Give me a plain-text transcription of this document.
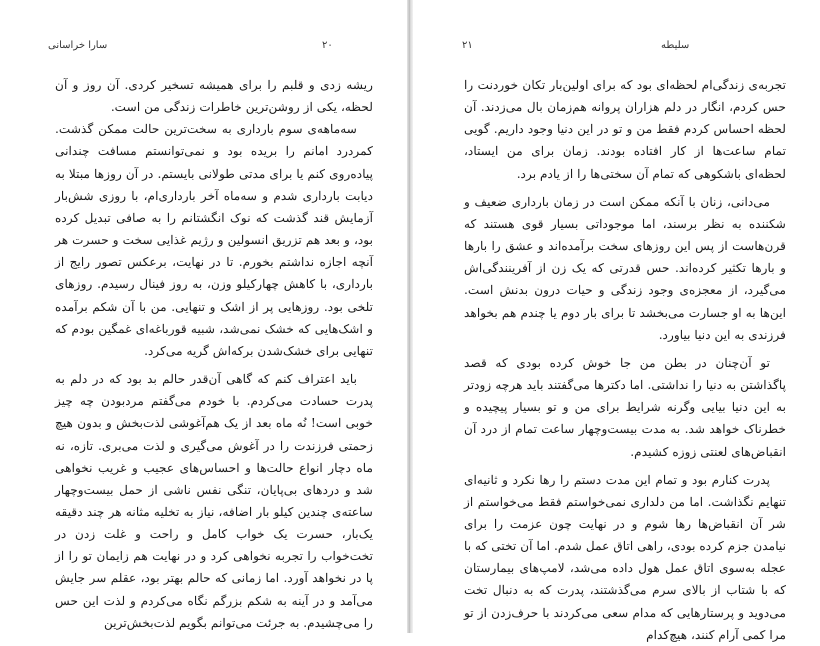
سارا خراسانی	۲۰

ریشه زدی و قلبم را برای همیشه تسخیر کردی. آن روز و آن لحظه، یکی از روشن‌ترین خاطرات زندگی من است.

سه‌ماهه‌ی سوم بارداری به سخت‌ترین حالت ممکن گذشت. کمردرد امانم را بریده بود و نمی‌توانستم مسافت چندانی پیاده‌روی کنم یا برای مدتی طولانی بایستم. در آن روزها مبتلا به دیابت بارداری شدم و سه‌ماه آخر بارداری‌ام، با روزی شش‌بار آزمایش قند گذشت که نوک انگشتانم را به صافی تبدیل کرده بود، و بعد هم تزریق انسولین و رژیم غذایی سخت و حسرت هر آنچه اجازه نداشتم بخورم. تا در نهایت، برعکس تصور رایج از بارداری، با کاهش چهارکیلو وزن، به روز فینال رسیدم. روزهای تلخی بود. روزهایی پر از اشک و تنهایی. من با آن شکم برآمده و اشک‌هایی که خشک نمی‌شد، شبیه قورباغه‌ای غمگین بودم که تنهایی برای خشک‌شدن برکه‌اش گریه می‌کرد.

باید اعتراف کنم که گاهی آن‌قدر حالم بد بود که در دلم به پدرت حسادت می‌کردم. با خودم می‌گفتم مردبودن چه چیز خوبی است! نُه ماه بعد از یک هم‌آغوشی لذت‌بخش و بدون هیچ زحمتی فرزندت را در آغوش می‌گیری و لذت می‌بری. تازه، نه ماه دچار انواع حالت‌ها و احساس‌های عجیب و غریب نخواهی شد و دردهای بی‌پایان، تنگی نفس ناشی از حمل بیست‌وچهار ساعته‌ی چندین کیلو بار اضافه، نیاز به تخلیه مثانه هر چند دقیقه یک‌بار، حسرت یک خواب کامل و راحت و غلت زدن در تخت‌خواب را تجربه نخواهی کرد و در نهایت هم زایمان تو را از پا در نخواهد آورد. اما زمانی که حالم بهتر بود، عقلم سر جایش می‌آمد و در آینه به شکم بزرگم نگاه می‌کردم و لذت این حس را می‌چشیدم. به جرئت می‌توانم بگویم لذت‌بخش‌ترین

۲۱	سلیطه

تجربه‌ی زندگی‌ام لحظه‌ای بود که برای اولین‌بار تکان خوردنت را حس کردم، انگار در دلم هزاران پروانه هم‌زمان بال می‌زدند. آن لحظه احساس کردم فقط من و تو در این دنیا وجود داریم. گویی تمام ساعت‌ها از کار افتاده بودند. زمان برای من ایستاد، لحظه‌ای باشکوهی که تمام آن سختی‌ها را از یادم برد.

می‌دانی، زنان با آنکه ممکن است در زمان بارداری ضعیف و شکننده به نظر برسند، اما موجوداتی بسیار قوی هستند که قرن‌هاست از پس این روزهای سخت برآمده‌اند و عشق را بارها و بارها تکثیر کرده‌اند. حس قدرتی که یک زن از آفرینندگی‌اش می‌گیرد، از معجزه‌ی وجود زندگی و حیات درون بدنش است. این‌ها به او جسارت می‌بخشد تا برای بار دوم یا چندم هم بخواهد فرزندی به این دنیا بیاورد.

تو آن‌چنان در بطن من جا خوش کرده بودی که قصد پاگذاشتن به دنیا را نداشتی. اما دکترها می‌گفتند باید هرچه زودتر به این دنیا بیایی وگرنه شرایط برای من و تو بسیار پیچیده و خطرناک خواهد شد. به مدت بیست‌وچهار ساعت تمام از درد آن انقباض‌های لعنتی زوزه کشیدم.

پدرت کنارم بود و تمام این مدت دستم را رها نکرد و ثانیه‌ای تنهایم نگذاشت. اما من دلداری نمی‌خواستم فقط می‌خواستم از شر آن انقباض‌ها رها شوم و در نهایت چون عزمت را برای نیامدن جزم کرده بودی، راهی اتاق عمل شدم. اما آن تختی که با عجله به‌سوی اتاق عمل هول داده می‌شد، لامپ‌های بیمارستان که با شتاب از بالای سرم می‌گذشتند، پدرت که به دنبال تخت می‌دوید و پرستارهایی که مدام سعی می‌کردند با حرف‌زدن از تو مرا کمی آرام کنند، هیچ‌کدام
